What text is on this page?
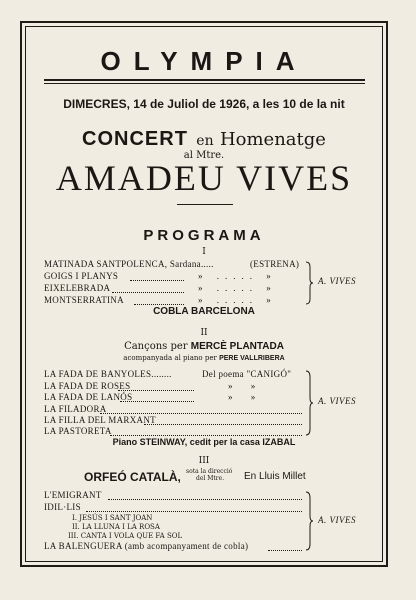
OLYMPIA
DIMECRES, 14 de Juliol de 1926, a les 10 de la nit
CONCERT en Homenatge
al Mtre.
AMADEU VIVES
PROGRAMA
I
MATINADA SANTPOLENCA, Sardana.....	(ESTRENA)
GOIGS I PLANYS	» ..... »
EIXELEBRADA	» ..... »
MONTSERRATINA	» ..... »
A. VIVES
COBLA BARCELONA
II
Cançons per MERCÈ PLANTADA
acompanyada al piano per PERE VALLRIBERA
LA FADA DE BANYOLES........	Del poema "CANIGÓ"
LA FADA DE ROSES	» »
LA FADA DE LANÓS	» »
LA FILADORA
LA FILLA DEL MARXANT
LA PASTORETA
A. VIVES
Piano STEINWAY, cedit per la casa IZABAL
III
ORFEÓ CATALÀ, sota la direcció
del Mtre. En Lluis Millet
L'EMIGRANT
IDIL·LIS
I. JESÚS I SANT JOAN
II. LA LLUNA I LA ROSA
III. CANTA I VOLA QUE FA SOL
LA BALENGUERA (amb acompanyament de cobla)
A. VIVES
